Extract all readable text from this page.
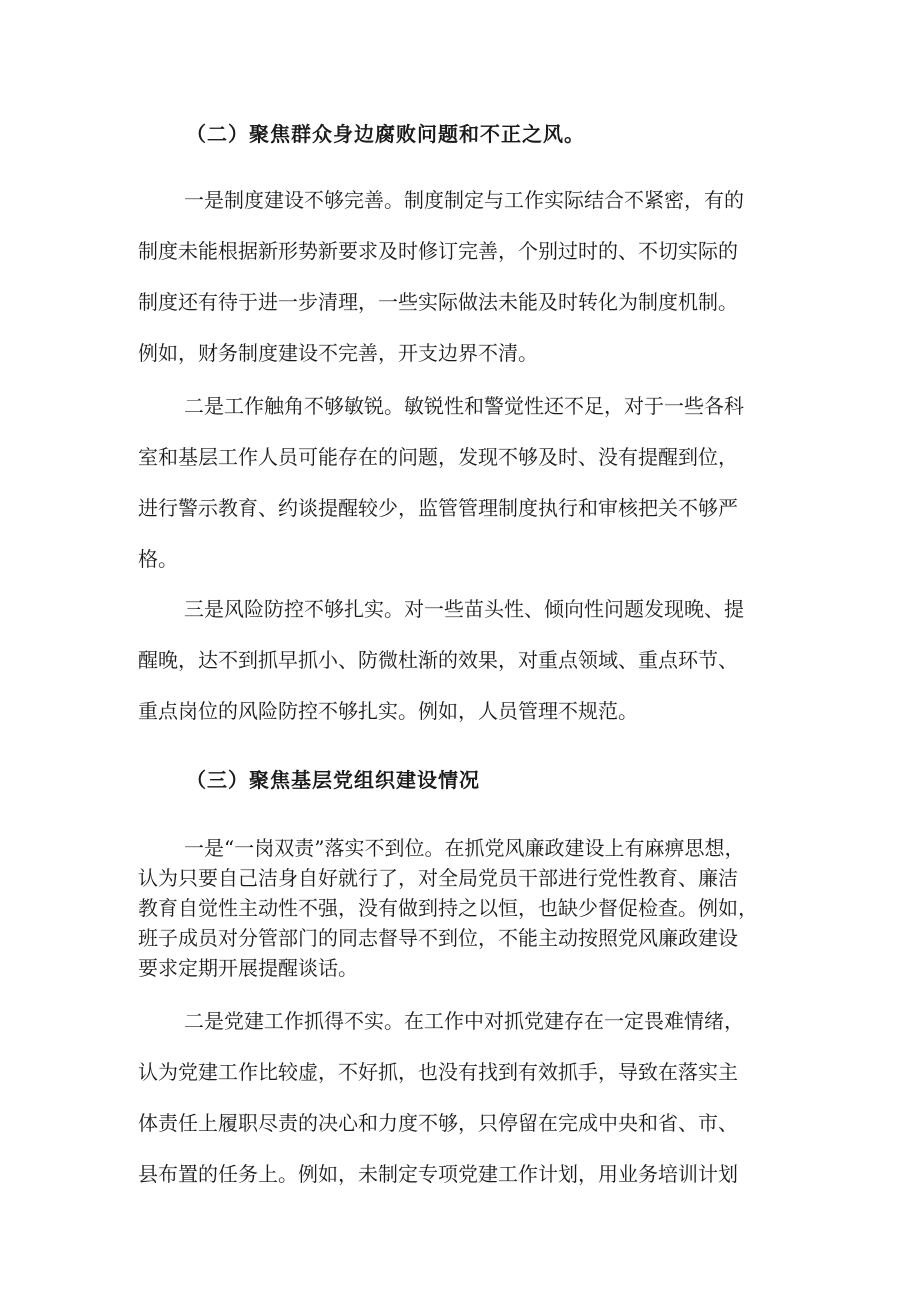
（二）聚焦群众身边腐败问题和不正之风。
一是制度建设不够完善。制度制定与工作实际结合不紧密，有的
制度未能根据新形势新要求及时修订完善，个别过时的、不切实际的
制度还有待于进一步清理，一些实际做法未能及时转化为制度机制。
例如，财务制度建设不完善，开支边界不清。
二是工作触角不够敏锐。敏锐性和警觉性还不足，对于一些各科
室和基层工作人员可能存在的问题，发现不够及时、没有提醒到位，
进行警示教育、约谈提醒较少，监管管理制度执行和审核把关不够严
格。
三是风险防控不够扎实。对一些苗头性、倾向性问题发现晚、提
醒晚，达不到抓早抓小、防微杜渐的效果，对重点领域、重点环节、
重点岗位的风险防控不够扎实。例如，人员管理不规范。
（三）聚焦基层党组织建设情况
一是“一岗双责”落实不到位。在抓党风廉政建设上有麻痹思想，
认为只要自己洁身自好就行了，对全局党员干部进行党性教育、廉洁
教育自觉性主动性不强，没有做到持之以恒，也缺少督促检查。例如，
班子成员对分管部门的同志督导不到位，不能主动按照党风廉政建设
要求定期开展提醒谈话。
二是党建工作抓得不实。在工作中对抓党建存在一定畏难情绪，
认为党建工作比较虚，不好抓，也没有找到有效抓手，导致在落实主
体责任上履职尽责的决心和力度不够，只停留在完成中央和省、市、
县布置的任务上。例如，未制定专项党建工作计划，用业务培训计划
